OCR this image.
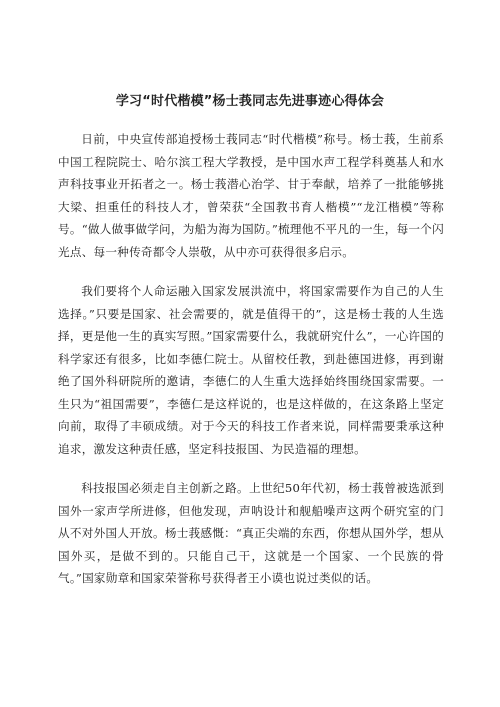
学习“时代楷模”杨士莪同志先进事迹心得体会

日前，中央宣传部追授杨士莪同志“时代楷模”称号。杨士莪，生前系中国工程院院士、哈尔滨工程大学教授，是中国水声工程学科奠基人和水声科技事业开拓者之一。杨士莪潜心治学、甘于奉献，培养了一批能够挑大梁、担重任的科技人才，曾荣获“全国教书育人楷模”“龙江楷模”等称号。“做人做事做学问，为船为海为国防。”梳理他不平凡的一生，每一个闪光点、每一种传奇都令人崇敬，从中亦可获得很多启示。

我们要将个人命运融入国家发展洪流中，将国家需要作为自己的人生选择。”只要是国家、社会需要的，就是值得干的”，这是杨士莪的人生选择，更是他一生的真实写照。”国家需要什么，我就研究什么”，一心许国的科学家还有很多，比如李德仁院士。从留校任教，到赴德国进修，再到谢绝了国外科研院所的邀请，李德仁的人生重大选择始终围绕国家需要。一生只为“祖国需要”，李德仁是这样说的，也是这样做的，在这条路上坚定向前，取得了丰硕成绩。对于今天的科技工作者来说，同样需要秉承这种追求，激发这种责任感，坚定科技报国、为民造福的理想。

科技报国必须走自主创新之路。上世纪50年代初，杨士莪曾被选派到国外一家声学所进修，但他发现，声呐设计和舰船噪声这两个研究室的门从不对外国人开放。杨士莪感慨：“真正尖端的东西，你想从国外学，想从国外买，是做不到的。只能自己干，这就是一个国家、一个民族的骨气。”国家勋章和国家荣誉称号获得者王小谟也说过类似的话。
